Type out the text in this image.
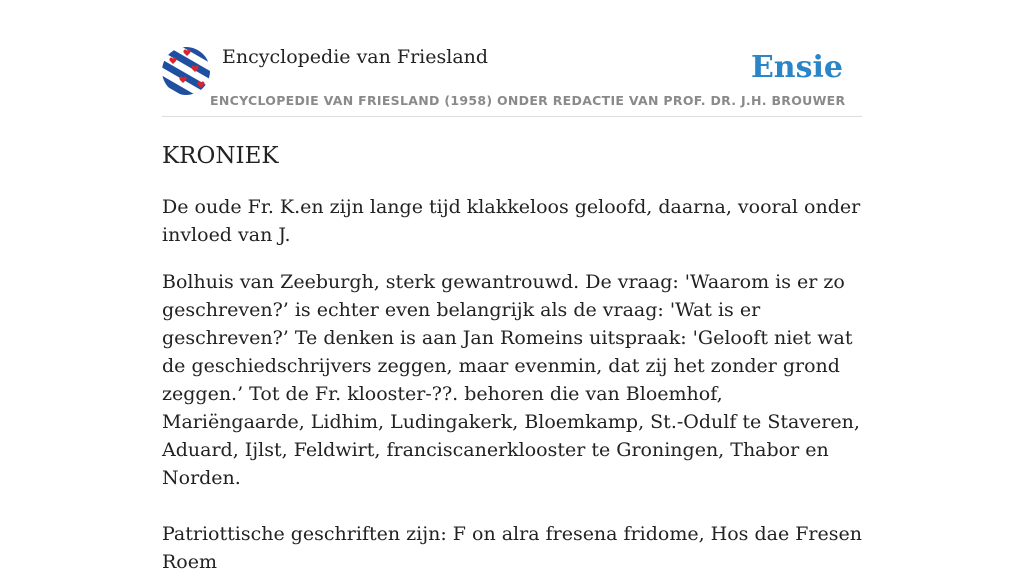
Encyclopedie van Friesland
ENCYCLOPEDIE VAN FRIESLAND (1958) ONDER REDACTIE VAN PROF. DR. J.H. BROUWER
Ensie
KRONIEK

De oude Fr. K.en zijn lange tijd klakkeloos geloofd, daarna, vooral onder invloed van J.

Bolhuis van Zeeburgh, sterk gewantrouwd. De vraag: 'Waarom is er zo geschreven?’ is echter even belangrijk als de vraag: 'Wat is er geschreven?’ Te denken is aan Jan Romeins uitspraak: 'Gelooft niet wat de geschiedschrijvers zeggen, maar evenmin, dat zij het zonder grond zeggen.’ Tot de Fr. klooster-??. behoren die van Bloemhof, Mariëngaarde, Lidhim, Ludingakerk, Bloemkamp, St.-Odulf te Staveren, Aduard, Ijlst, Feldwirt, franciscanerklooster te Groningen, Thabor en Norden.

Patriottische geschriften zijn: F on alra fresena fridome, Hos dae Fresen Roem
